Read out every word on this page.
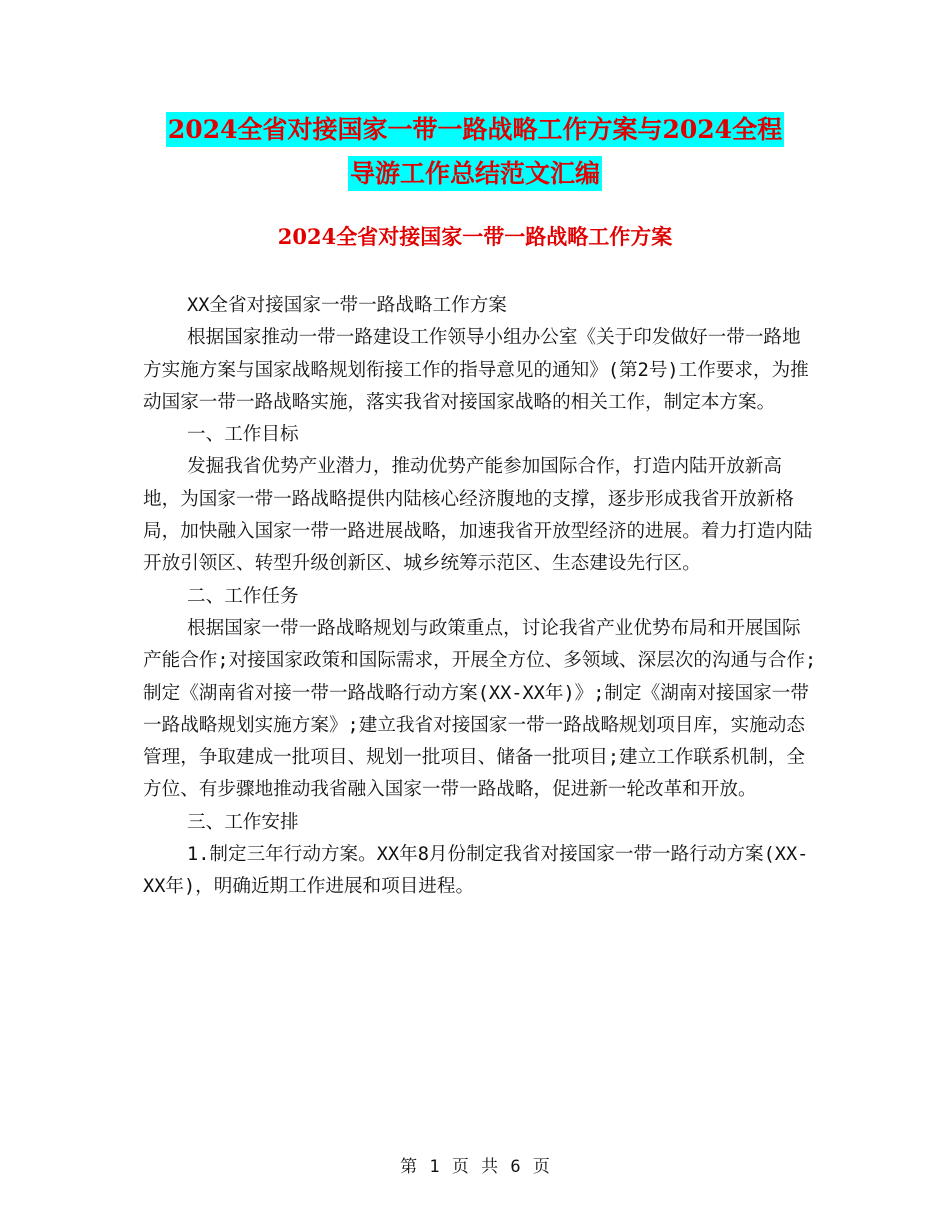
2024全省对接国家一带一路战略工作方案与2024全程
导游工作总结范文汇编
2024全省对接国家一带一路战略工作方案

XX全省对接国家一带一路战略工作方案

根据国家推动一带一路建设工作领导小组办公室《关于印发做好一带一路地方实施方案与国家战略规划衔接工作的指导意见的通知》(第2号)工作要求，为推动国家一带一路战略实施，落实我省对接国家战略的相关工作，制定本方案。

一、工作目标

发掘我省优势产业潜力，推动优势产能参加国际合作，打造内陆开放新高地，为国家一带一路战略提供内陆核心经济腹地的支撑，逐步形成我省开放新格局，加快融入国家一带一路进展战略，加速我省开放型经济的进展。着力打造内陆开放引领区、转型升级创新区、城乡统筹示范区、生态建设先行区。

二、工作任务

根据国家一带一路战略规划与政策重点，讨论我省产业优势布局和开展国际产能合作;对接国家政策和国际需求，开展全方位、多领域、深层次的沟通与合作;制定《湖南省对接一带一路战略行动方案(XX-XX年)》;制定《湖南对接国家一带一路战略规划实施方案》;建立我省对接国家一带一路战略规划项目库，实施动态管理，争取建成一批项目、规划一批项目、储备一批项目;建立工作联系机制，全方位、有步骤地推动我省融入国家一带一路战略，促进新一轮改革和开放。

三、工作安排

1.制定三年行动方案。XX年8月份制定我省对接国家一带一路行动方案(XX-XX年)，明确近期工作进展和项目进程。

第 1 页 共 6 页
